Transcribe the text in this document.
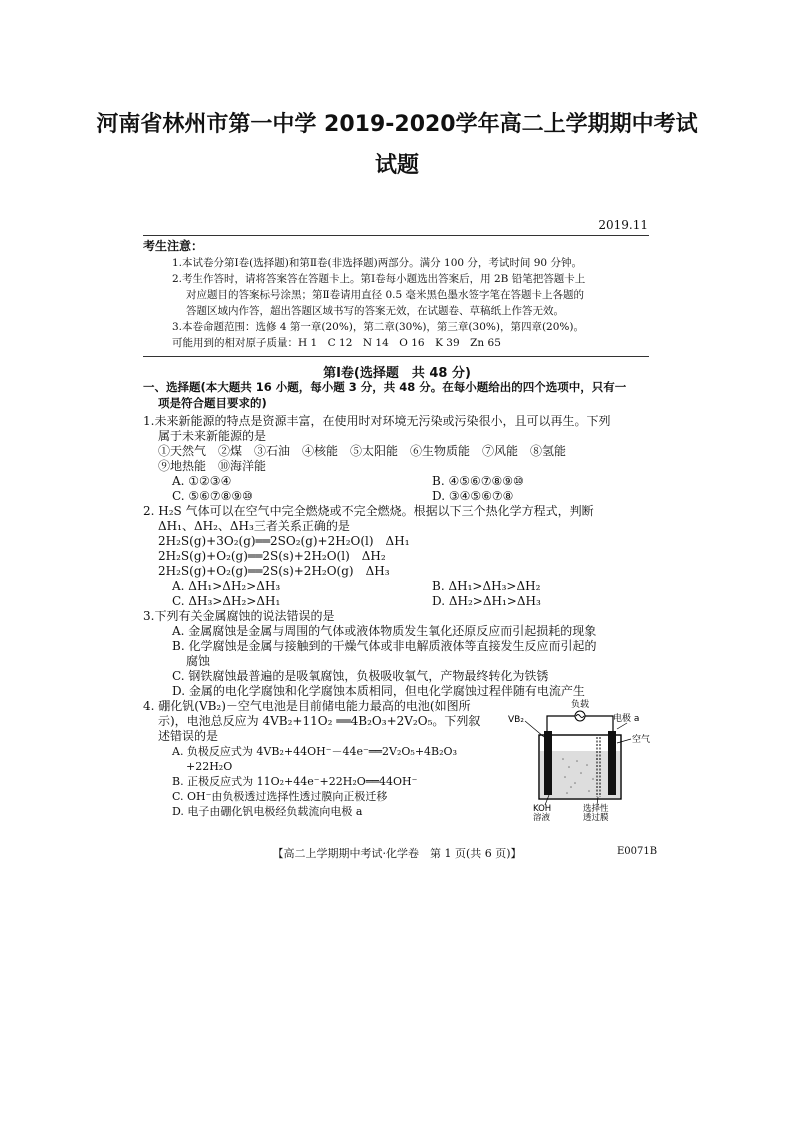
河南省林州市第一中学 2019-2020学年高二上学期期中考试
试题
2019.11
考生注意：
1.本试卷分第Ⅰ卷(选择题)和第Ⅱ卷(非选择题)两部分。满分 100 分，考试时间 90 分钟。
2.考生作答时，请将答案答在答题卡上。第Ⅰ卷每小题选出答案后，用 2B 铅笔把答题卡上
对应题目的答案标号涂黑；第Ⅱ卷请用直径 0.5 毫米黑色墨水签字笔在答题卡上各题的
答题区域内作答，超出答题区域书写的答案无效，在试题卷、草稿纸上作答无效。
3.本卷命题范围：选修 4 第一章(20%)，第二章(30%)，第三章(30%)，第四章(20%)。
可能用到的相对原子质量：H 1　C 12　N 14　O 16　K 39　Zn 65
第Ⅰ卷(选择题　共 48 分)
一、选择题(本大题共 16 小题，每小题 3 分，共 48 分。在每小题给出的四个选项中，只有一
项是符合题目要求的)
1.未来新能源的特点是资源丰富，在使用时对环境无污染或污染很小，且可以再生。下列
属于未来新能源的是
①天然气　②煤　③石油　④核能　⑤太阳能　⑥生物质能　⑦风能　⑧氢能
⑨地热能　⑩海洋能
A. ①②③④	B. ④⑤⑥⑦⑧⑨⑩
C. ⑤⑥⑦⑧⑨⑩	D. ③④⑤⑥⑦⑧
2. H₂S 气体可以在空气中完全燃烧或不完全燃烧。根据以下三个热化学方程式，判断
ΔH₁、ΔH₂、ΔH₃三者关系正确的是
2H₂S(g)+3O₂(g)══2SO₂(g)+2H₂O(l)　ΔH₁
2H₂S(g)+O₂(g)══2S(s)+2H₂O(l)　ΔH₂
2H₂S(g)+O₂(g)══2S(s)+2H₂O(g)　ΔH₃
A. ΔH₁>ΔH₂>ΔH₃	B. ΔH₁>ΔH₃>ΔH₂
C. ΔH₃>ΔH₂>ΔH₁	D. ΔH₂>ΔH₁>ΔH₃
3.下列有关金属腐蚀的说法错误的是
A. 金属腐蚀是金属与周围的气体或液体物质发生氧化还原反应而引起损耗的现象
B. 化学腐蚀是金属与接触到的干燥气体或非电解质液体等直接发生反应而引起的
腐蚀
C. 钢铁腐蚀最普遍的是吸氧腐蚀，负极吸收氧气，产物最终转化为铁锈
D. 金属的电化学腐蚀和化学腐蚀本质相同，但电化学腐蚀过程伴随有电流产生
4. 硼化钒(VB₂)－空气电池是目前储电能力最高的电池(如图所
示)，电池总反应为 4VB₂+11O₂ ══4B₂O₃+2V₂O₅。下列叙
述错误的是
A. 负极反应式为 4VB₂+44OH⁻－44e⁻══2V₂O₅+4B₂O₃
+22H₂O
B. 正极反应式为 11O₂+44e⁻+22H₂O══44OH⁻
C. OH⁻由负极透过选择性透过膜向正极迁移
D. 电子由硼化钒电极经负载流向电极 a
负载
VB₂	电极 a
空气
KOH
溶液
选择性
透过膜
【高二上学期期中考试·化学卷　第 1 页(共 6 页)】	E0071B
